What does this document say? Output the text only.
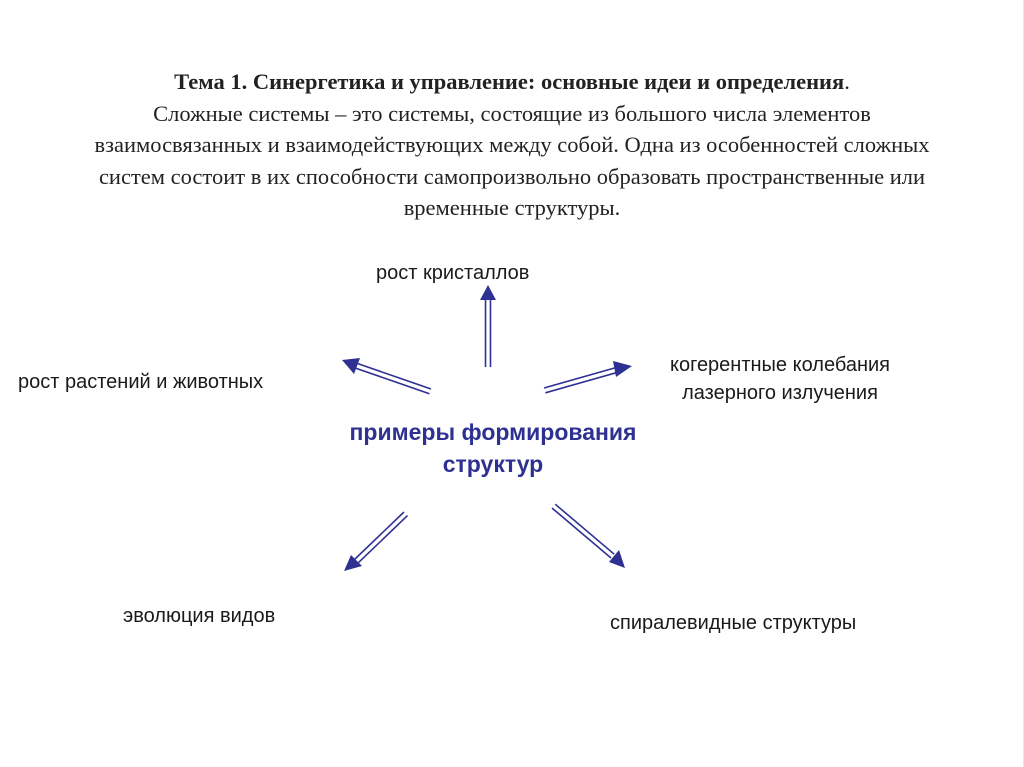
Тема 1. Синергетика и управление: основные идеи и определения.
Сложные системы – это системы, состоящие из большого числа элементов
взаимосвязанных и взаимодействующих между собой. Одна из особенностей сложных
систем состоит в их способности самопроизвольно образовать пространственные или
временные структуры.
рост кристаллов
рост растений и животных
когерентные колебания
лазерного излучения
примеры формирования
структур
эволюция видов	спиралевидные структуры
